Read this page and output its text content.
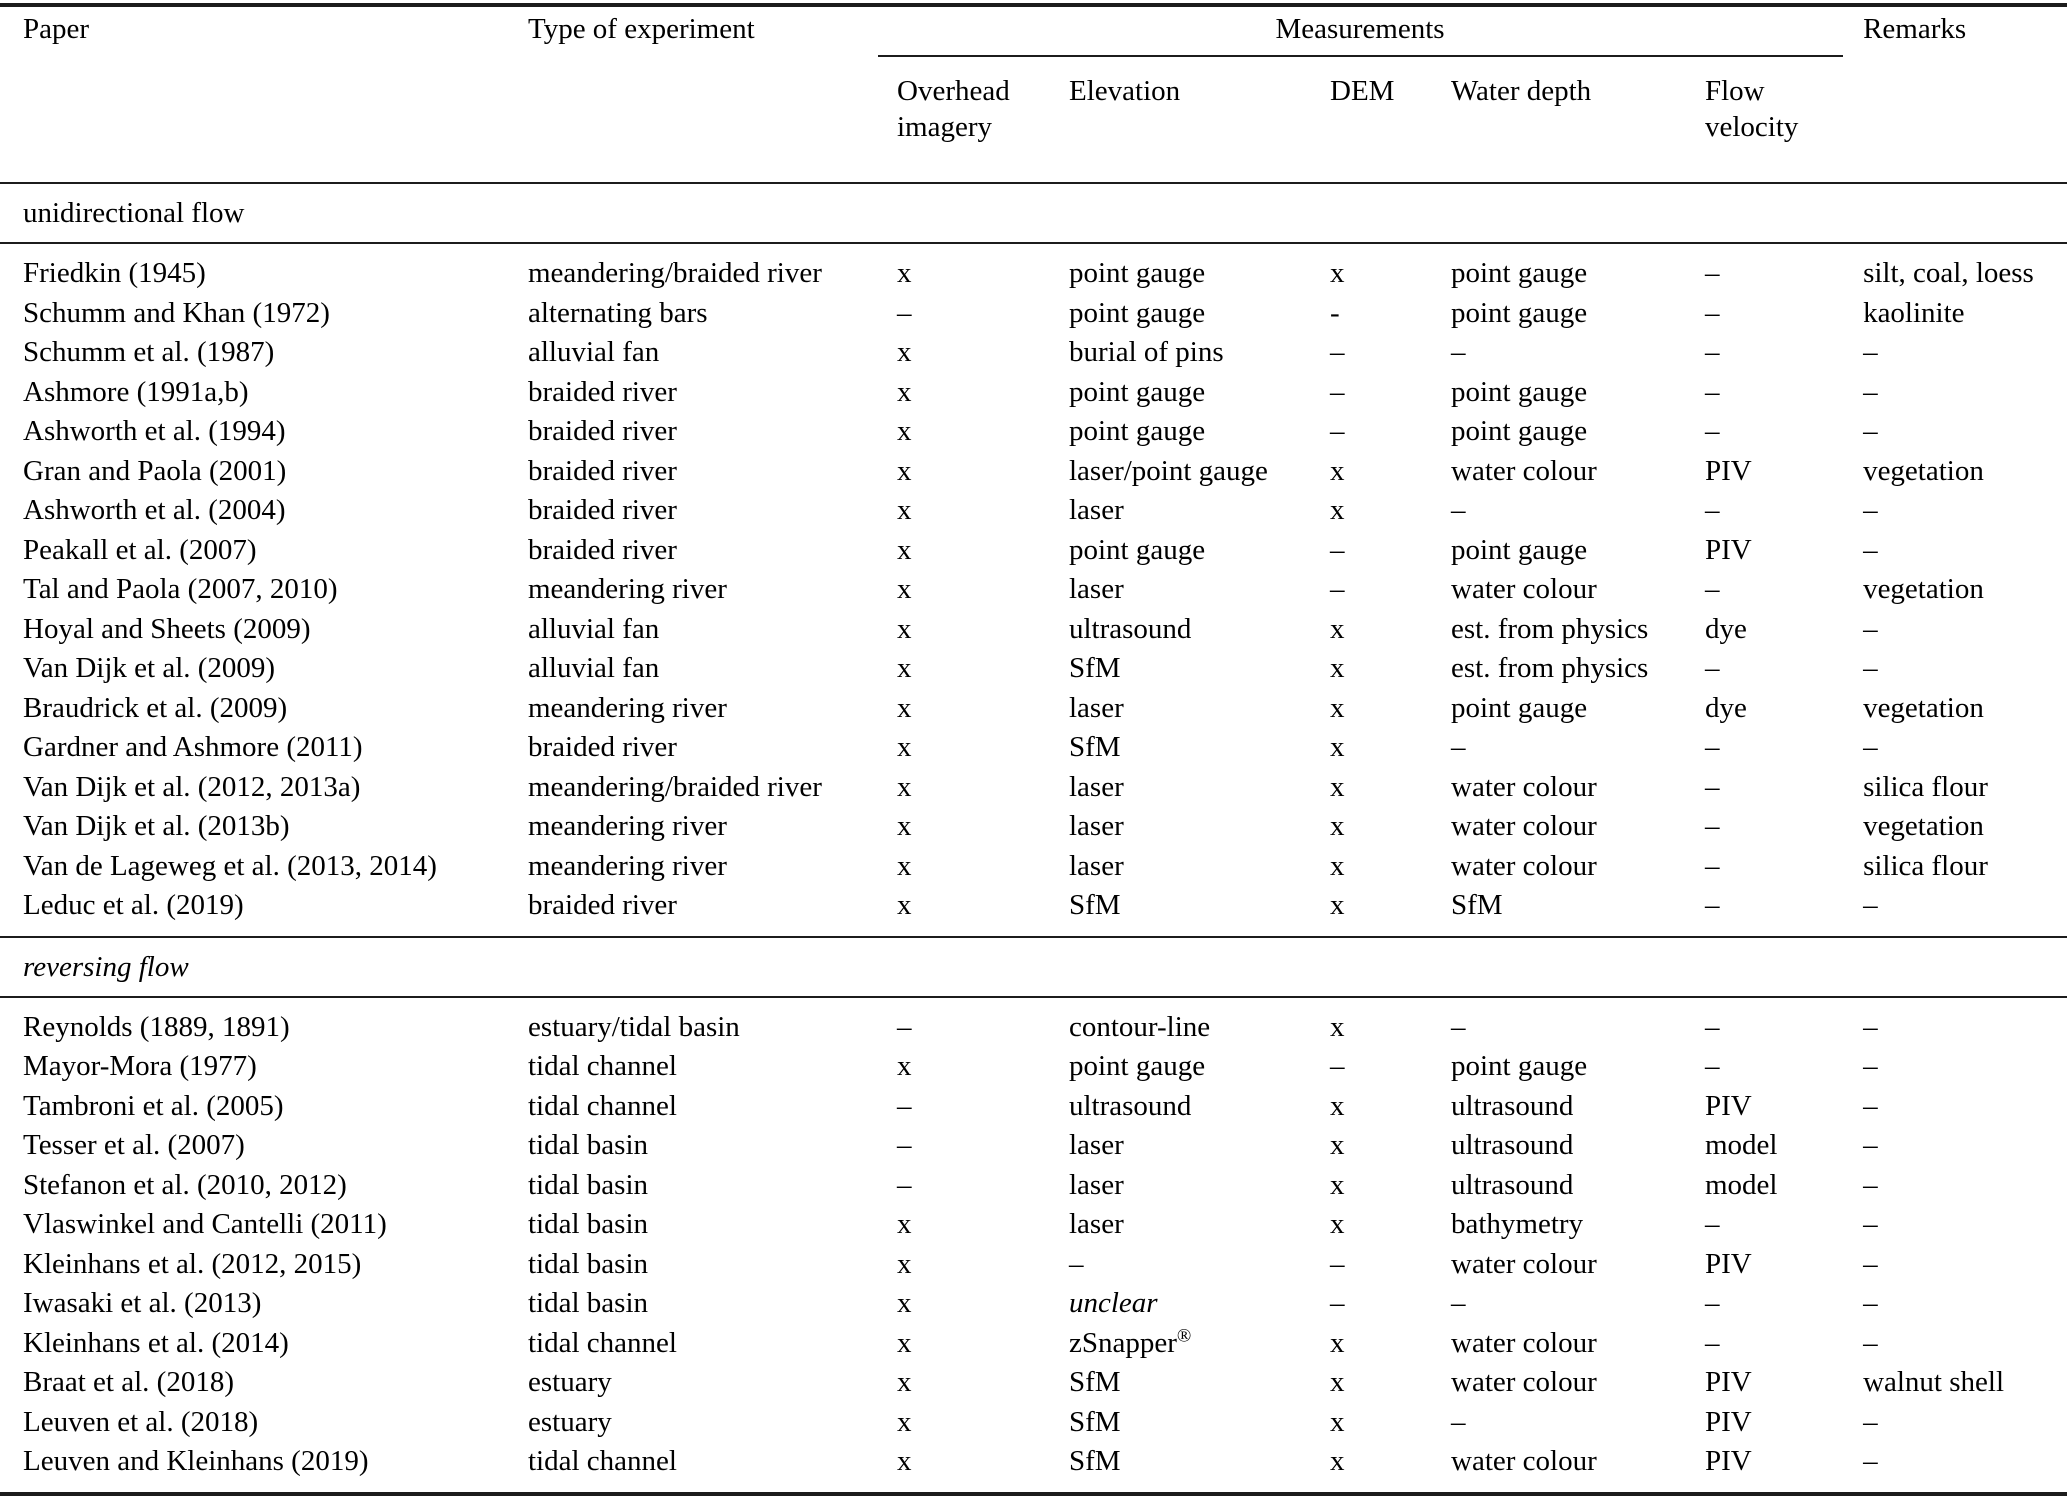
Paper	Type of experiment	Measurements					Remarks
		Overhead imagery	Elevation	DEM	Water depth	Flow velocity	
unidirectional flow							
Friedkin (1945)	meandering/braided river	x	point gauge	x	point gauge	–	silt, coal, loess
Schumm and Khan (1972)	alternating bars	–	point gauge	-	point gauge	–	kaolinite
Schumm et al. (1987)	alluvial fan	x	burial of pins	–	–	–	–
Ashmore (1991a,b)	braided river	x	point gauge	–	point gauge	–	–
Ashworth et al. (1994)	braided river	x	point gauge	–	point gauge	–	–
Gran and Paola (2001)	braided river	x	laser/point gauge	x	water colour	PIV	vegetation
Ashworth et al. (2004)	braided river	x	laser	x	–	–	–
Peakall et al. (2007)	braided river	x	point gauge	–	point gauge	PIV	–
Tal and Paola (2007, 2010)	meandering river	x	laser	–	water colour	–	vegetation
Hoyal and Sheets (2009)	alluvial fan	x	ultrasound	x	est. from physics	dye	–
Van Dijk et al. (2009)	alluvial fan	x	SfM	x	est. from physics	–	–
Braudrick et al. (2009)	meandering river	x	laser	x	point gauge	dye	vegetation
Gardner and Ashmore (2011)	braided river	x	SfM	x	–	–	–
Van Dijk et al. (2012, 2013a)	meandering/braided river	x	laser	x	water colour	–	silica flour
Van Dijk et al. (2013b)	meandering river	x	laser	x	water colour	–	vegetation
Van de Lageweg et al. (2013, 2014)	meandering river	x	laser	x	water colour	–	silica flour
Leduc et al. (2019)	braided river	x	SfM	x	SfM	–	–
reversing flow							
Reynolds (1889, 1891)	estuary/tidal basin	–	contour-line	x	–	–	–
Mayor-Mora (1977)	tidal channel	x	point gauge	–	point gauge	–	–
Tambroni et al. (2005)	tidal channel	–	ultrasound	x	ultrasound	PIV	–
Tesser et al. (2007)	tidal basin	–	laser	x	ultrasound	model	–
Stefanon et al. (2010, 2012)	tidal basin	–	laser	x	ultrasound	model	–
Vlaswinkel and Cantelli (2011)	tidal basin	x	laser	x	bathymetry	–	–
Kleinhans et al. (2012, 2015)	tidal basin	x	–	–	water colour	PIV	–
Iwasaki et al. (2013)	tidal basin	x	unclear	–	–	–	–
Kleinhans et al. (2014)	tidal channel	x	zSnapper®	x	water colour	–	–
Braat et al. (2018)	estuary	x	SfM	x	water colour	PIV	walnut shell
Leuven et al. (2018)	estuary	x	SfM	x	–	PIV	–
Leuven and Kleinhans (2019)	tidal channel	x	SfM	x	water colour	PIV	–
